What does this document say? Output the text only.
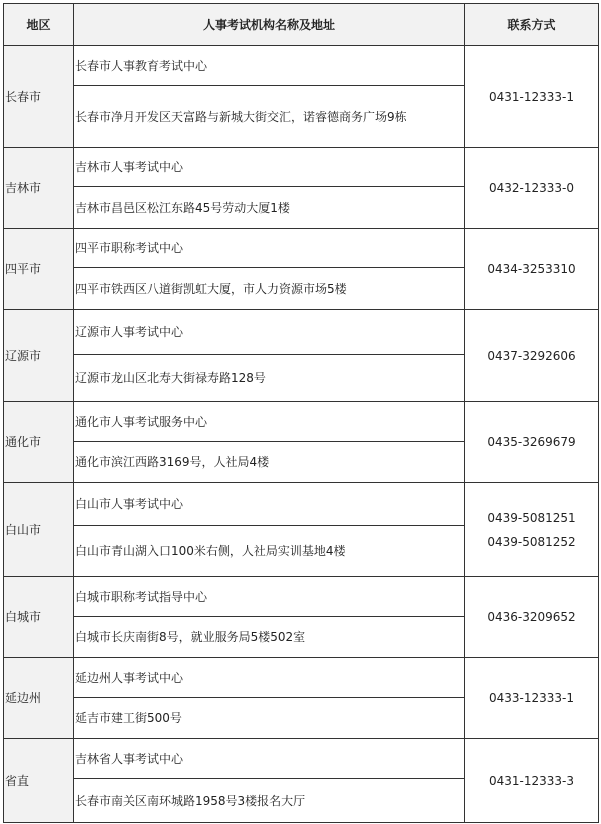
地区	人事考试机构名称及地址	联系方式
长春市	长春市人事教育考试中心	0431-12333-1

	长春市净月开发区天富路与新城大街交汇，诺睿德商务广场9栋	
吉林市	吉林市人事考试中心	0432-12333-0

	吉林市昌邑区松江东路45号劳动大厦1楼	
四平市	四平市职称考试中心	0434-3253310

	四平市铁西区八道街凯虹大厦，市人力资源市场5楼	
辽源市	辽源市人事考试中心	0437-3292606

	辽源市龙山区北寿大街禄寿路128号	
通化市	通化市人事考试服务中心	0435-3269679

	通化市滨江西路3169号，人社局4楼	
白山市	白山市人事考试中心	0439-5081251
0439-5081252

	白山市青山湖入口100米右侧，人社局实训基地4楼	
白城市	白城市职称考试指导中心	0436-3209652

	白城市长庆南街8号，就业服务局5楼502室	
延边州	延边州人事考试中心	0433-12333-1

	延吉市建工街500号	
省直	吉林省人事考试中心	0431-12333-3

	长春市南关区南环城路1958号3楼报名大厅	
